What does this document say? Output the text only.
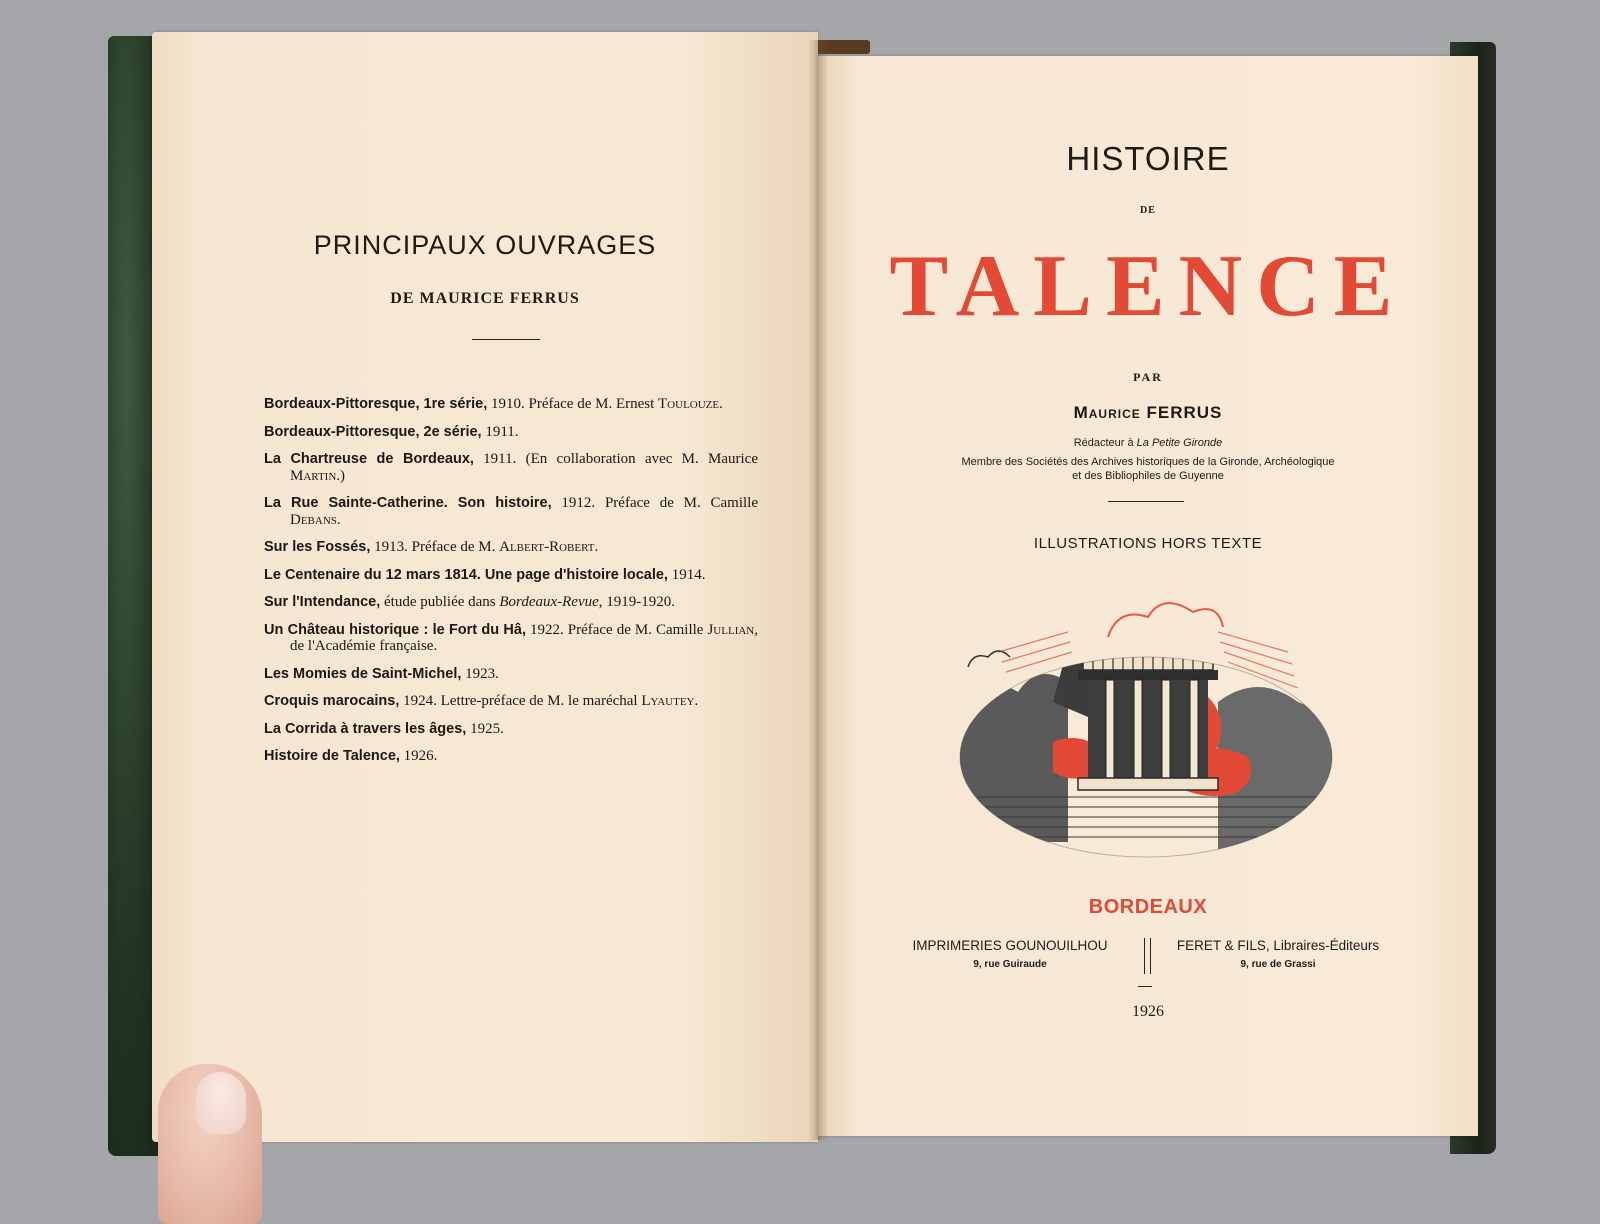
PRINCIPAUX OUVRAGES
DE MAURICE FERRUS
Bordeaux-Pittoresque, 1re série, 1910. Préface de M. Ernest Toulouze.
Bordeaux-Pittoresque, 2e série, 1911.
La Chartreuse de Bordeaux, 1911. (En collaboration avec M. Maurice Martin.)
La Rue Sainte-Catherine. Son histoire, 1912. Préface de M. Camille Debans.
Sur les Fossés, 1913. Préface de M. Albert-Robert.
Le Centenaire du 12 mars 1814. Une page d'histoire locale, 1914.
Sur l'Intendance, étude publiée dans Bordeaux-Revue, 1919-1920.
Un Château historique : le Fort du Hâ, 1922. Préface de M. Camille Jullian, de l'Académie française.
Les Momies de Saint-Michel, 1923.
Croquis marocains, 1924. Lettre-préface de M. le maréchal Lyautey.
La Corrida à travers les âges, 1925.
Histoire de Talence, 1926.
HISTOIRE
DE
TALENCE
PAR
Maurice FERRUS
Rédacteur à La Petite Gironde
Membre des Sociétés des Archives historiques de la Gironde, Archéologique
et des Bibliophiles de Guyenne
ILLUSTRATIONS HORS TEXTE
BORDEAUX
IMPRIMERIES GOUNOUILHOU
9, rue Guiraude
FERET & FILS, Libraires-Éditeurs
9, rue de Grassi
1926
